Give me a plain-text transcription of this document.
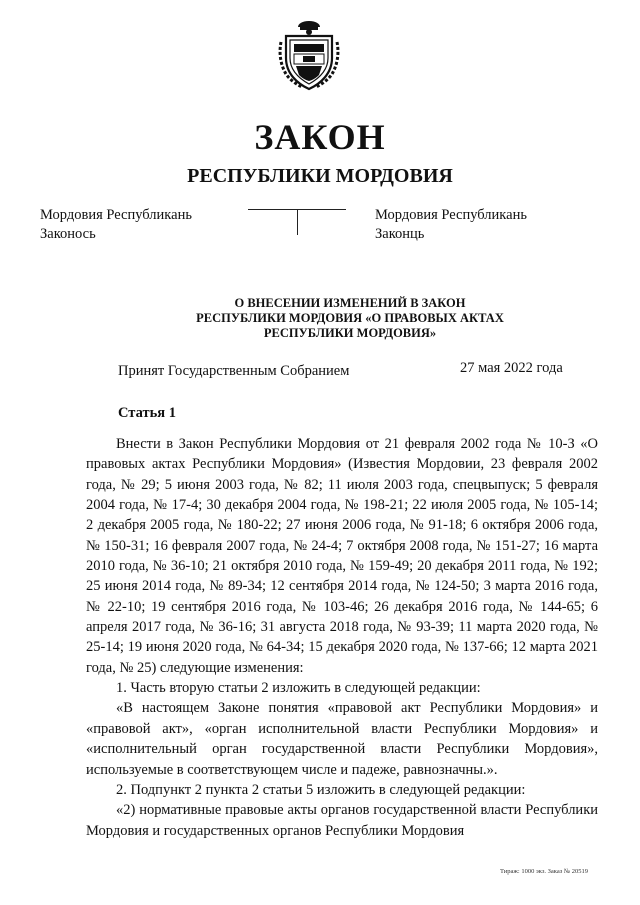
ЗАКОН
РЕСПУБЛИКИ МОРДОВИЯ
Мордовия Республикань
Законось
Мордовия Республикань
Законць
О ВНЕСЕНИИ ИЗМЕНЕНИЙ В ЗАКОН
РЕСПУБЛИКИ МОРДОВИЯ «О ПРАВОВЫХ АКТАХ
РЕСПУБЛИКИ МОРДОВИЯ»
Принят Государственным Собранием	27 мая 2022 года
Статья 1

Внести в Закон Республики Мордовия от 21 февраля 2002 года № 10-З «О правовых актах Республики Мордовия» (Известия Мордовии, 23 февраля 2002 года, № 29; 5 июня 2003 года, № 82; 11 июля 2003 года, спецвыпуск; 5 февраля 2004 года, № 17-4; 30 декабря 2004 года, № 198-21; 22 июля 2005 года, № 105-14; 2 декабря 2005 года, № 180-22; 27 июня 2006 года, № 91-18; 6 октября 2006 года, № 150-31; 16 февраля 2007 года, № 24-4; 7 октября 2008 года, № 151-27; 16 марта 2010 года, № 36-10; 21 октября 2010 года, № 159-49; 20 декабря 2011 года, № 192; 25 июня 2014 года, № 89-34; 12 сентября 2014 года, № 124-50; 3 марта 2016 года, № 22-10; 19 сентября 2016 года, № 103-46; 26 декабря 2016 года, № 144-65; 6 апреля 2017 года, № 36-16; 31 августа 2018 года, № 93-39; 11 марта 2020 года, № 25-14; 19 июня 2020 года, № 64-34; 15 декабря 2020 года, № 137-66; 12 марта 2021 года, № 25) следующие изменения:

1. Часть вторую статьи 2 изложить в следующей редакции:

«В настоящем Законе понятия «правовой акт Республики Мордовия» и «правовой акт», «орган исполнительной власти Республики Мордовия» и «исполнительный орган государственной власти Республики Мордовия», используемые в соответствующем числе и падеже, равнозначны.».

2. Подпункт 2 пункта 2 статьи 5 изложить в следующей редакции:

«2) нормативные правовые акты органов государственной власти Республики Мордовия и государственных органов Республики Мордовия

Тираж: 1000 экз. Заказ № 20519
